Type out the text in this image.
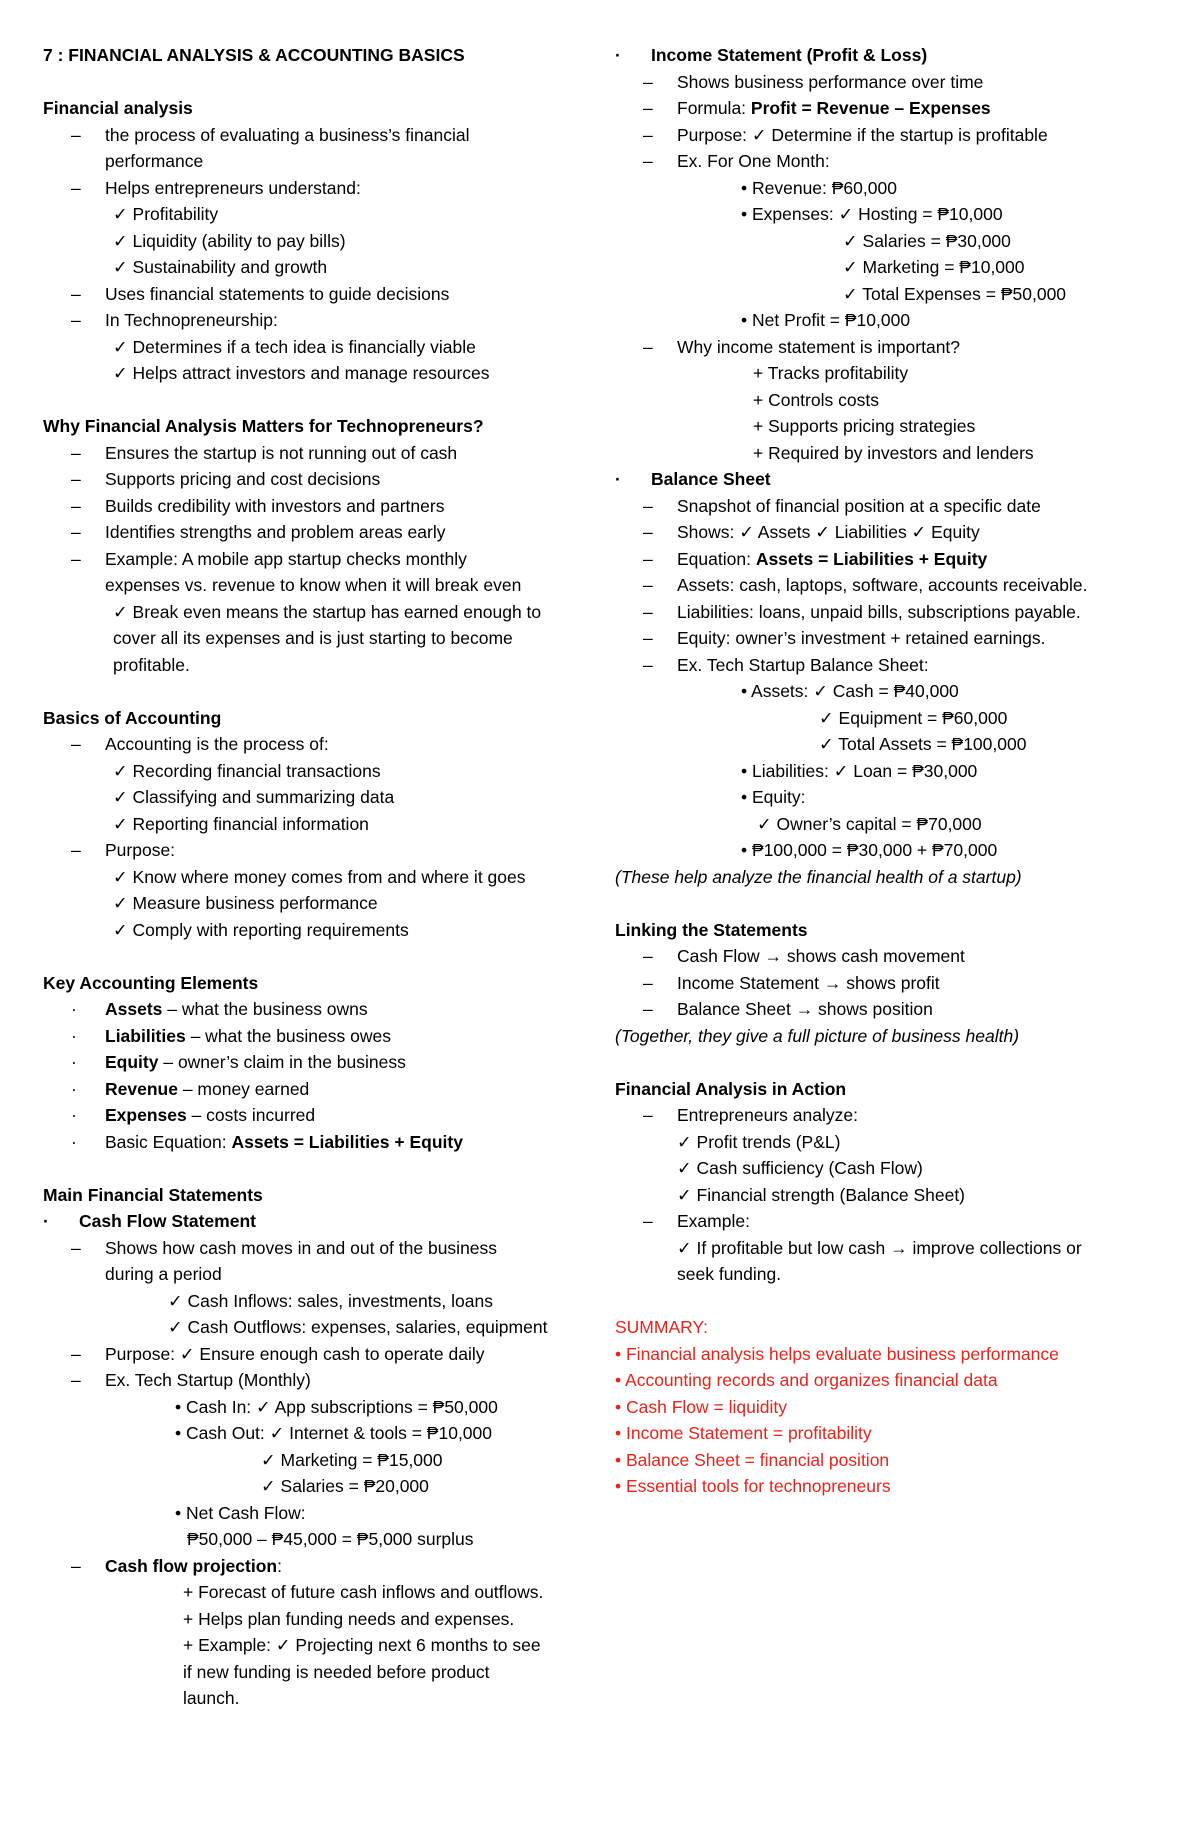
7 : FINANCIAL ANALYSIS & ACCOUNTING BASICS
Financial analysis
– the process of evaluating a business’s financial
performance
– Helps entrepreneurs understand:
✓ Profitability
✓ Liquidity (ability to pay bills)
✓ Sustainability and growth
– Uses financial statements to guide decisions
– In Technopreneurship:
✓ Determines if a tech idea is financially viable
✓ Helps attract investors and manage resources
Why Financial Analysis Matters for Technopreneurs?
– Ensures the startup is not running out of cash
– Supports pricing and cost decisions
– Builds credibility with investors and partners
– Identifies strengths and problem areas early
– Example: A mobile app startup checks monthly
expenses vs. revenue to know when it will break even
✓ Break even means the startup has earned enough to
cover all its expenses and is just starting to become
profitable.
Basics of Accounting
– Accounting is the process of:
✓ Recording financial transactions
✓ Classifying and summarizing data
✓ Reporting financial information
– Purpose:
✓ Know where money comes from and where it goes
✓ Measure business performance
✓ Comply with reporting requirements
Key Accounting Elements
· Assets – what the business owns
· Liabilities – what the business owes
· Equity – owner’s claim in the business
· Revenue – money earned
· Expenses – costs incurred
· Basic Equation: Assets = Liabilities + Equity
Main Financial Statements
· Cash Flow Statement
– Shows how cash moves in and out of the business
during a period
✓ Cash Inflows: sales, investments, loans
✓ Cash Outflows: expenses, salaries, equipment
– Purpose: ✓ Ensure enough cash to operate daily
– Ex. Tech Startup (Monthly)
• Cash In: ✓ App subscriptions = ₱50,000
• Cash Out: ✓ Internet & tools = ₱10,000
✓ Marketing = ₱15,000
✓ Salaries = ₱20,000
• Net Cash Flow:
₱50,000 – ₱45,000 = ₱5,000 surplus
– Cash flow projection:
+ Forecast of future cash inflows and outflows.
+ Helps plan funding needs and expenses.
+ Example: ✓ Projecting next 6 months to see
if new funding is needed before product
launch.
· Income Statement (Profit & Loss)
– Shows business performance over time
– Formula: Profit = Revenue – Expenses
– Purpose: ✓ Determine if the startup is profitable
– Ex. For One Month:
• Revenue: ₱60,000
• Expenses: ✓ Hosting = ₱10,000
✓ Salaries = ₱30,000
✓ Marketing = ₱10,000
✓ Total Expenses = ₱50,000
• Net Profit = ₱10,000
– Why income statement is important?
+ Tracks profitability
+ Controls costs
+ Supports pricing strategies
+ Required by investors and lenders
· Balance Sheet
– Snapshot of financial position at a specific date
– Shows: ✓ Assets ✓ Liabilities ✓ Equity
– Equation: Assets = Liabilities + Equity
– Assets: cash, laptops, software, accounts receivable.
– Liabilities: loans, unpaid bills, subscriptions payable.
– Equity: owner’s investment + retained earnings.
– Ex. Tech Startup Balance Sheet:
• Assets: ✓ Cash = ₱40,000
✓ Equipment = ₱60,000
✓ Total Assets = ₱100,000
• Liabilities: ✓ Loan = ₱30,000
• Equity:
✓ Owner’s capital = ₱70,000
• ₱100,000 = ₱30,000 + ₱70,000
(These help analyze the financial health of a startup)
Linking the Statements
– Cash Flow → shows cash movement
– Income Statement → shows profit
– Balance Sheet → shows position
(Together, they give a full picture of business health)
Financial Analysis in Action
– Entrepreneurs analyze:
✓ Profit trends (P&L)
✓ Cash sufficiency (Cash Flow)
✓ Financial strength (Balance Sheet)
– Example:
✓ If profitable but low cash → improve collections or
seek funding.
SUMMARY:
• Financial analysis helps evaluate business performance
• Accounting records and organizes financial data
• Cash Flow = liquidity
• Income Statement = profitability
• Balance Sheet = financial position
• Essential tools for technopreneurs
